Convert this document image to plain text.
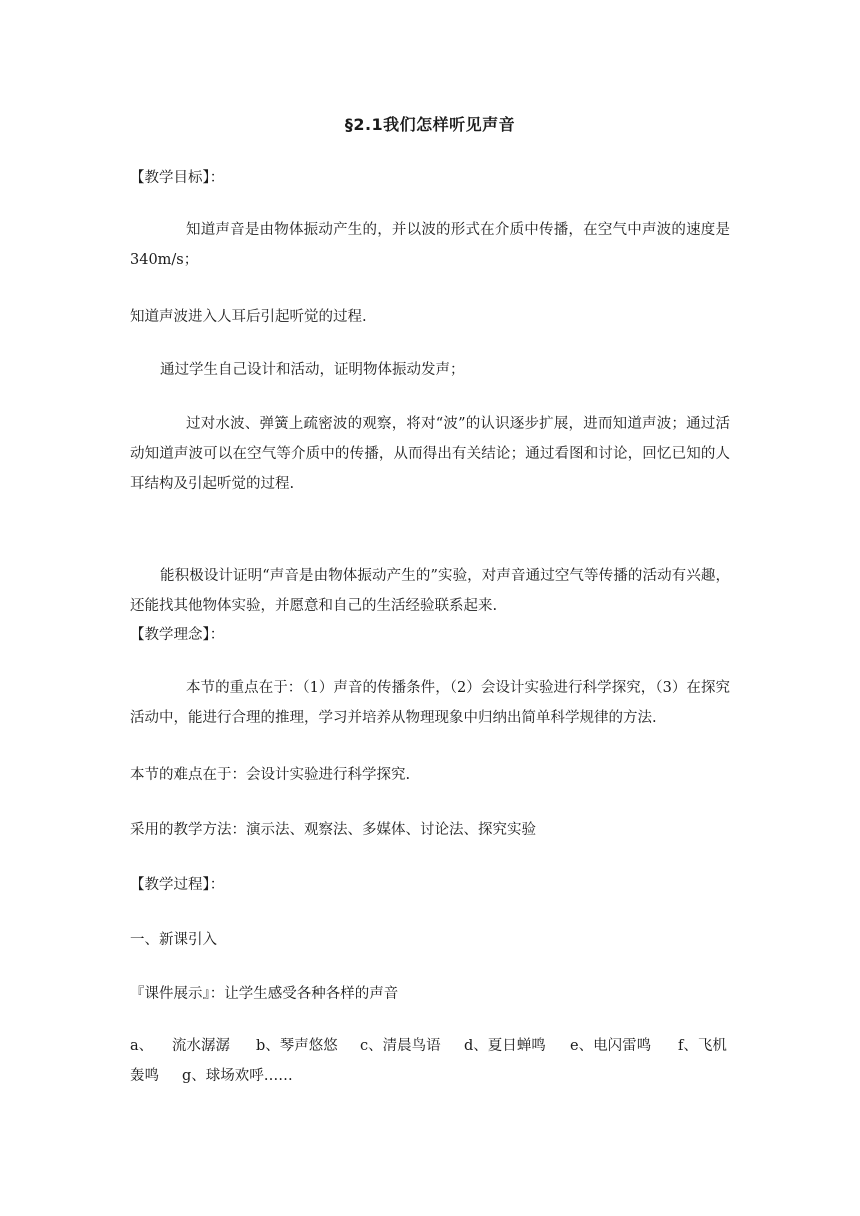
§2.1我们怎样听见声音

【教学目标】：

知道声音是由物体振动产生的，并以波的形式在介质中传播，在空气中声波的速度是340m/s；

知道声波进入人耳后引起听觉的过程.

通过学生自己设计和活动，证明物体振动发声；

过对水波、弹簧上疏密波的观察，将对“波”的认识逐步扩展，进而知道声波；通过活动知道声波可以在空气等介质中的传播，从而得出有关结论；通过看图和讨论，回忆已知的人耳结构及引起听觉的过程.

能积极设计证明“声音是由物体振动产生的”实验，对声音通过空气等传播的活动有兴趣，还能找其他物体实验，并愿意和自己的生活经验联系起来.

【教学理念】：

本节的重点在于：（1）声音的传播条件，（2）会设计实验进行科学探究，（3）在探究活动中，能进行合理的推理，学习并培养从物理现象中归纳出简单科学规律的方法.

本节的难点在于：会设计实验进行科学探究.

采用的教学方法：演示法、观察法、多媒体、讨论法、探究实验

【教学过程】：

一、新课引入

『课件展示』：让学生感受各种各样的声音

a、 流水潺潺 b、琴声悠悠 c、清晨鸟语 d、夏日蝉鸣 e、电闪雷鸣 f、飞机
轰鸣 g、球场欢呼……
